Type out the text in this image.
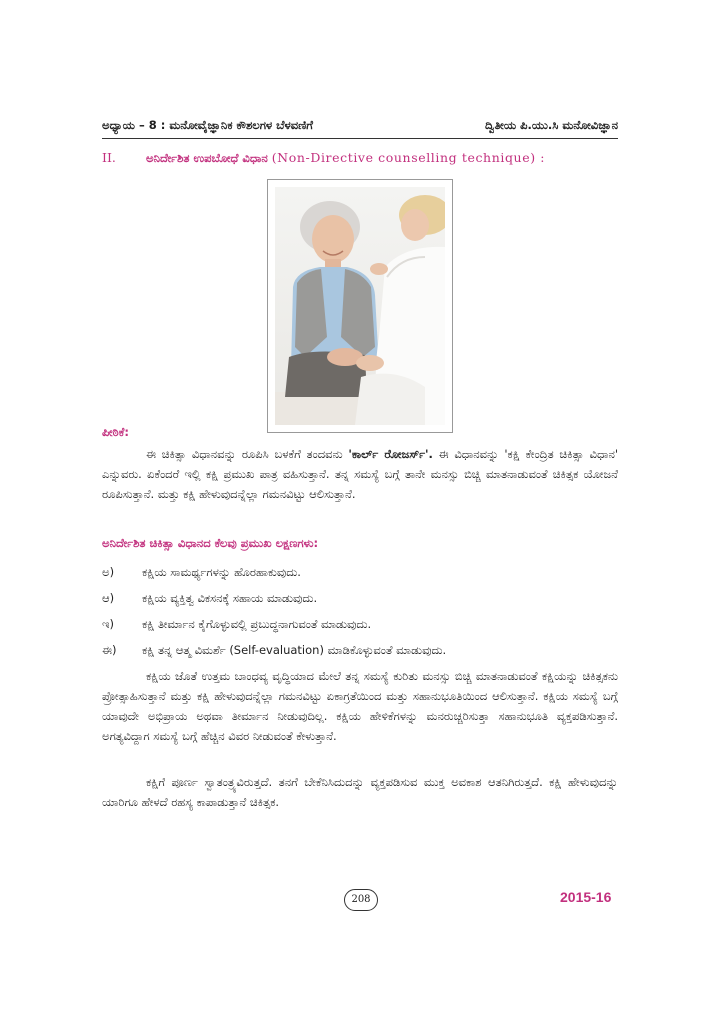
ಅಧ್ಯಾಯ – 8 : ಮನೋವೈಜ್ಞಾನಿಕ ಕೌಶಲಗಳ ಬೆಳವಣಿಗೆ	ದ್ವಿತೀಯ ಪಿ.ಯು.ಸಿ ಮನೋವಿಜ್ಞಾನ
II.	ಅನಿರ್ದೇಶಿತ ಉಪಬೋಧೆ ವಿಧಾನ (Non-Directive counselling technique) :
ಪೀಠಿಕೆ:
ಈ ಚಿಕಿತ್ಸಾ ವಿಧಾನವನ್ನು ರೂಪಿಸಿ ಬಳಕೆಗೆ ತಂದವನು 'ಕಾರ್ಲ್ ರೋಜರ್ಸ್'. ಈ ವಿಧಾನವನ್ನು 'ಕಕ್ಷಿ ಕೇಂದ್ರಿತ ಚಿಕಿತ್ಸಾ ವಿಧಾನ' ಎನ್ನುವರು. ಏಕೆಂದರೆ ಇಲ್ಲಿ ಕಕ್ಷಿ ಪ್ರಮುಖ ಪಾತ್ರ ವಹಿಸುತ್ತಾನೆ. ತನ್ನ ಸಮಸ್ಯೆ ಬಗ್ಗೆ ತಾನೇ ಮನಸ್ಸು ಬಿಚ್ಚಿ ಮಾತನಾಡುವಂತೆ ಚಿಕಿತ್ಸಕ ಯೋಜನೆ ರೂಪಿಸುತ್ತಾನೆ. ಮತ್ತು ಕಕ್ಷಿ ಹೇಳುವುದನ್ನೆಲ್ಲಾ ಗಮನವಿಟ್ಟು ಆಲಿಸುತ್ತಾನೆ.
ಅನಿರ್ದೇಶಿತ ಚಿಕಿತ್ಸಾ ವಿಧಾನದ ಕೆಲವು ಪ್ರಮುಖ ಲಕ್ಷಣಗಳು:
ಅ) ಕಕ್ಷಿಯ ಸಾಮರ್ಥ್ಯಗಳನ್ನು ಹೊರಹಾಕುವುದು.
ಆ) ಕಕ್ಷಿಯ ವ್ಯಕ್ತಿತ್ವ ವಿಕಸನಕ್ಕೆ ಸಹಾಯ ಮಾಡುವುದು.
ಇ) ಕಕ್ಷಿ ತೀರ್ಮಾನ ಕೈಗೊಳ್ಳುವಲ್ಲಿ ಪ್ರಬುದ್ಧನಾಗುವಂತೆ ಮಾಡುವುದು.
ಈ) ಕಕ್ಷಿ ತನ್ನ ಆತ್ಮ ವಿಮರ್ಶೆ (Self-evaluation) ಮಾಡಿಕೊಳ್ಳುವಂತೆ ಮಾಡುವುದು.
ಕಕ್ಷಿಯ ಜೊತೆ ಉತ್ತಮ ಬಾಂಧವ್ಯ ವೃದ್ಧಿಯಾದ ಮೇಲೆ ತನ್ನ ಸಮಸ್ಯೆ ಕುರಿತು ಮನಸ್ಸು ಬಿಚ್ಚಿ ಮಾತನಾಡುವಂತೆ ಕಕ್ಷಿಯನ್ನು ಚಿಕಿತ್ಸಕನು ಪ್ರೋತ್ಸಾಹಿಸುತ್ತಾನೆ ಮತ್ತು ಕಕ್ಷಿ ಹೇಳುವುದನ್ನೆಲ್ಲಾ ಗಮನವಿಟ್ಟು ಏಕಾಗ್ರತೆಯಿಂದ ಮತ್ತು ಸಹಾನುಭೂತಿಯಿಂದ ಆಲಿಸುತ್ತಾನೆ. ಕಕ್ಷಿಯ ಸಮಸ್ಯೆ ಬಗ್ಗೆ ಯಾವುದೇ ಅಭಿಪ್ರಾಯ ಅಥವಾ ತೀರ್ಮಾನ ನೀಡುವುದಿಲ್ಲ. ಕಕ್ಷಿಯ ಹೇಳಿಕೆಗಳನ್ನು ಮನರುಚ್ಚರಿಸುತ್ತಾ ಸಹಾನುಭೂತಿ ವ್ಯಕ್ತಪಡಿಸುತ್ತಾನೆ. ಅಗತ್ಯವಿದ್ದಾಗ ಸಮಸ್ಯೆ ಬಗ್ಗೆ ಹೆಚ್ಚಿನ ವಿವರ ನೀಡುವಂತೆ ಕೇಳುತ್ತಾನೆ.
ಕಕ್ಷಿಗೆ ಪೂರ್ಣ ಸ್ವಾತಂತ್ರ್ಯವಿರುತ್ತದೆ. ತನಗೆ ಬೇಕೆನಿಸಿದುದನ್ನು ವ್ಯಕ್ತಪಡಿಸುವ ಮುಕ್ತ ಅವಕಾಶ ಆತನಿಗಿರುತ್ತದೆ. ಕಕ್ಷಿ ಹೇಳುವುದನ್ನು ಯಾರಿಗೂ ಹೇಳದೆ ರಹಸ್ಯ ಕಾಪಾಡುತ್ತಾನೆ ಚಿಕಿತ್ಸಕ.
208	2015-16
